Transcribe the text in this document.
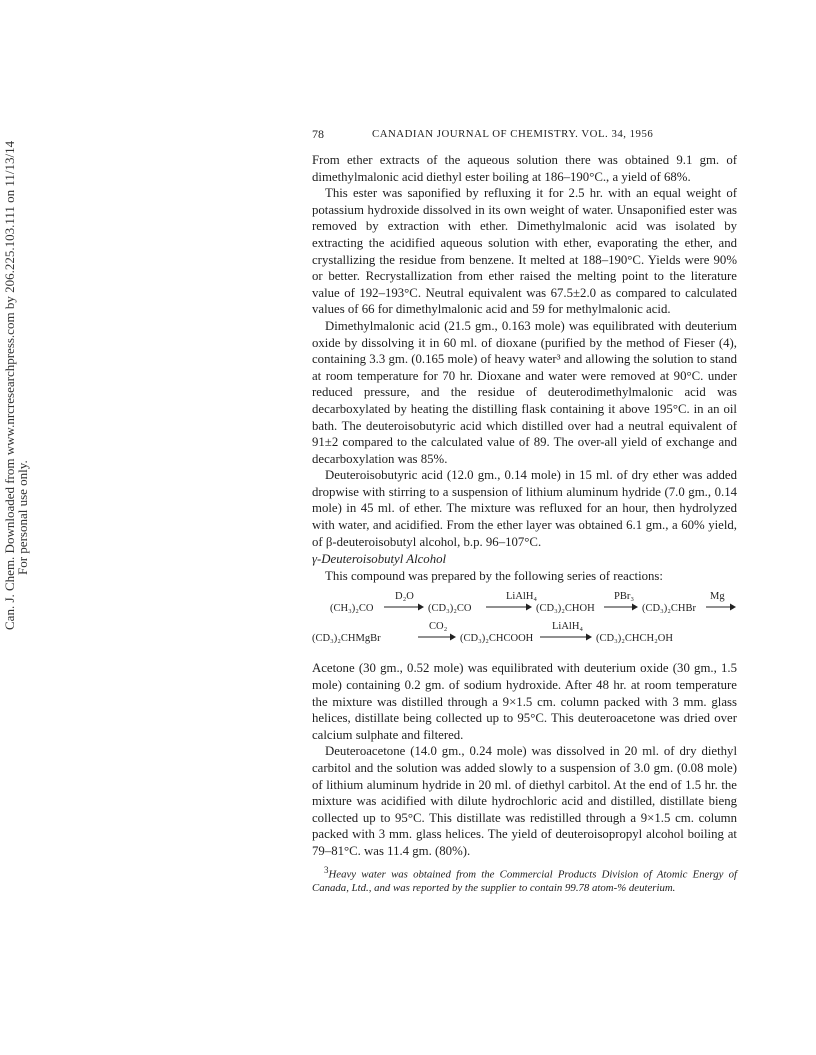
Can. J. Chem. Downloaded from www.nrcresearchpress.com by 206.225.103.111 on 11/13/14
For personal use only.
78	CANADIAN JOURNAL OF CHEMISTRY. VOL. 34, 1956

From ether extracts of the aqueous solution there was obtained 9.1 gm. of dimethylmalonic acid diethyl ester boiling at 186–190°C., a yield of 68%.

This ester was saponified by refluxing it for 2.5 hr. with an equal weight of potassium hydroxide dissolved in its own weight of water. Unsaponified ester was removed by extraction with ether. Dimethylmalonic acid was isolated by extracting the acidified aqueous solution with ether, evaporating the ether, and crystallizing the residue from benzene. It melted at 188–190°C. Yields were 90% or better. Recrystallization from ether raised the melting point to the literature value of 192–193°C. Neutral equivalent was 67.5±2.0 as compared to calculated values of 66 for dimethylmalonic acid and 59 for methylmalonic acid.

Dimethylmalonic acid (21.5 gm., 0.163 mole) was equilibrated with deuterium oxide by dissolving it in 60 ml. of dioxane (purified by the method of Fieser (4), containing 3.3 gm. (0.165 mole) of heavy water³ and allowing the solution to stand at room temperature for 70 hr. Dioxane and water were removed at 90°C. under reduced pressure, and the residue of deuterodimethylmalonic acid was decarboxylated by heating the distilling flask containing it above 195°C. in an oil bath. The deuteroisobutyric acid which distilled over had a neutral equivalent of 91±2 compared to the calculated value of 89. The over-all yield of exchange and decarboxylation was 85%.

Deuteroisobutyric acid (12.0 gm., 0.14 mole) in 15 ml. of dry ether was added dropwise with stirring to a suspension of lithium aluminum hydride (7.0 gm., 0.14 mole) in 45 ml. of ether. The mixture was refluxed for an hour, then hydrolyzed with water, and acidified. From the ether layer was obtained 6.1 gm., a 60% yield, of β-deuteroisobutyl alcohol, b.p. 96–107°C.

γ-Deuteroisobutyl Alcohol

This compound was prepared by the following series of reactions:

(CH₃)₂CO
D₂O
→ (CD₃)₂CO
LiAlH₄
(CD₃)₂CHOH
PBr₃
→ (CD₃)₂CHBr
Mg
(CD₃)₂CHMgBr
CO₂
→ (CD₃)₂CHCOOH
LiAlH₄
(CD₃)₂CHCH₂OH

Acetone (30 gm., 0.52 mole) was equilibrated with deuterium oxide (30 gm., 1.5 mole) containing 0.2 gm. of sodium hydroxide. After 48 hr. at room temperature the mixture was distilled through a 9×1.5 cm. column packed with 3 mm. glass helices, distillate being collected up to 95°C. This deuteroacetone was dried over calcium sulphate and filtered.

Deuteroacetone (14.0 gm., 0.24 mole) was dissolved in 20 ml. of dry diethyl carbitol and the solution was added slowly to a suspension of 3.0 gm. (0.08 mole) of lithium aluminum hydride in 20 ml. of diethyl carbitol. At the end of 1.5 hr. the mixture was acidified with dilute hydrochloric acid and distilled, distillate bieng collected up to 95°C. This distillate was redistilled through a 9×1.5 cm. column packed with 3 mm. glass helices. The yield of deuteroisopropyl alcohol boiling at 79–81°C. was 11.4 gm. (80%).

$^3$Heavy water was obtained from the Commercial Products Division of Atomic Energy of Canada, Ltd., and was reported by the supplier to contain 99.78 atom-% deuterium.
